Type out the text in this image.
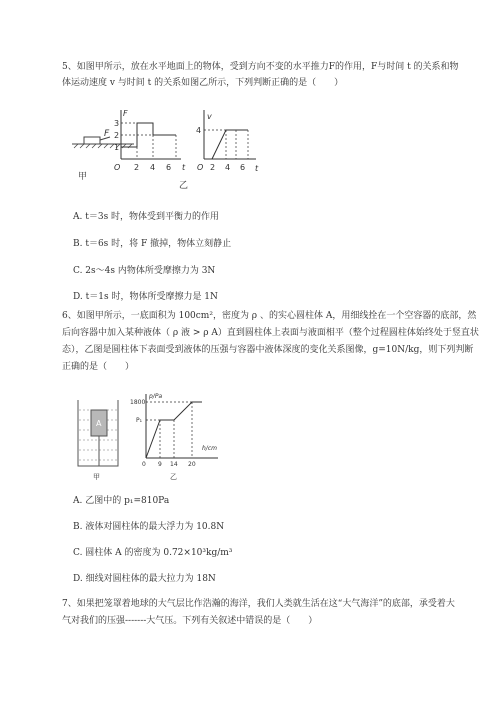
5、如图甲所示，放在水平地面上的物体，受到方向不变的水平推力F的作用，F与时间 t 的关系和物
体运动速度 v 与时间 t 的关系如图乙所示，下列判断正确的是（　　）
F
甲
F
3
2
1
O 2 4 6 t
v
4
O 2 4 6 t
乙
A. t＝3s 时，物体受到平衡力的作用
B. t＝6s 时，将 F 撤掉，物体立刻静止
C. 2s～4s 内物体所受摩擦力为 3N
D. t＝1s 时，物体所受摩擦力是 1N
6、如图甲所示，一底面积为 100cm²，密度为 ρ 、的实心圆柱体 A，用细线拴在一个空容器的底部，然
后向容器中加入某种液体（ ρ 液 > ρ A）直到圆柱体上表面与液面相平（整个过程圆柱体始终处于竖直状
态），乙图是圆柱体下表面受到液体的压强与容器中液体深度的变化关系图像，g=10N/kg，则下列判断
正确的是（　　）
A
甲
p/Pa
1800
P₁
0 9 14 20
h/cm
乙
A. 乙图中的 p₁=810Pa
B. 液体对圆柱体的最大浮力为 10.8N
C. 圆柱体 A 的密度为 0.72×10³kg/m³
D. 细线对圆柱体的最大拉力为 18N
7、如果把笼罩着地球的大气层比作浩瀚的海洋，我们人类就生活在这“大气海洋”的底部，承受着大
气对我们的压强-------大气压。下列有关叙述中错误的是（　　）
